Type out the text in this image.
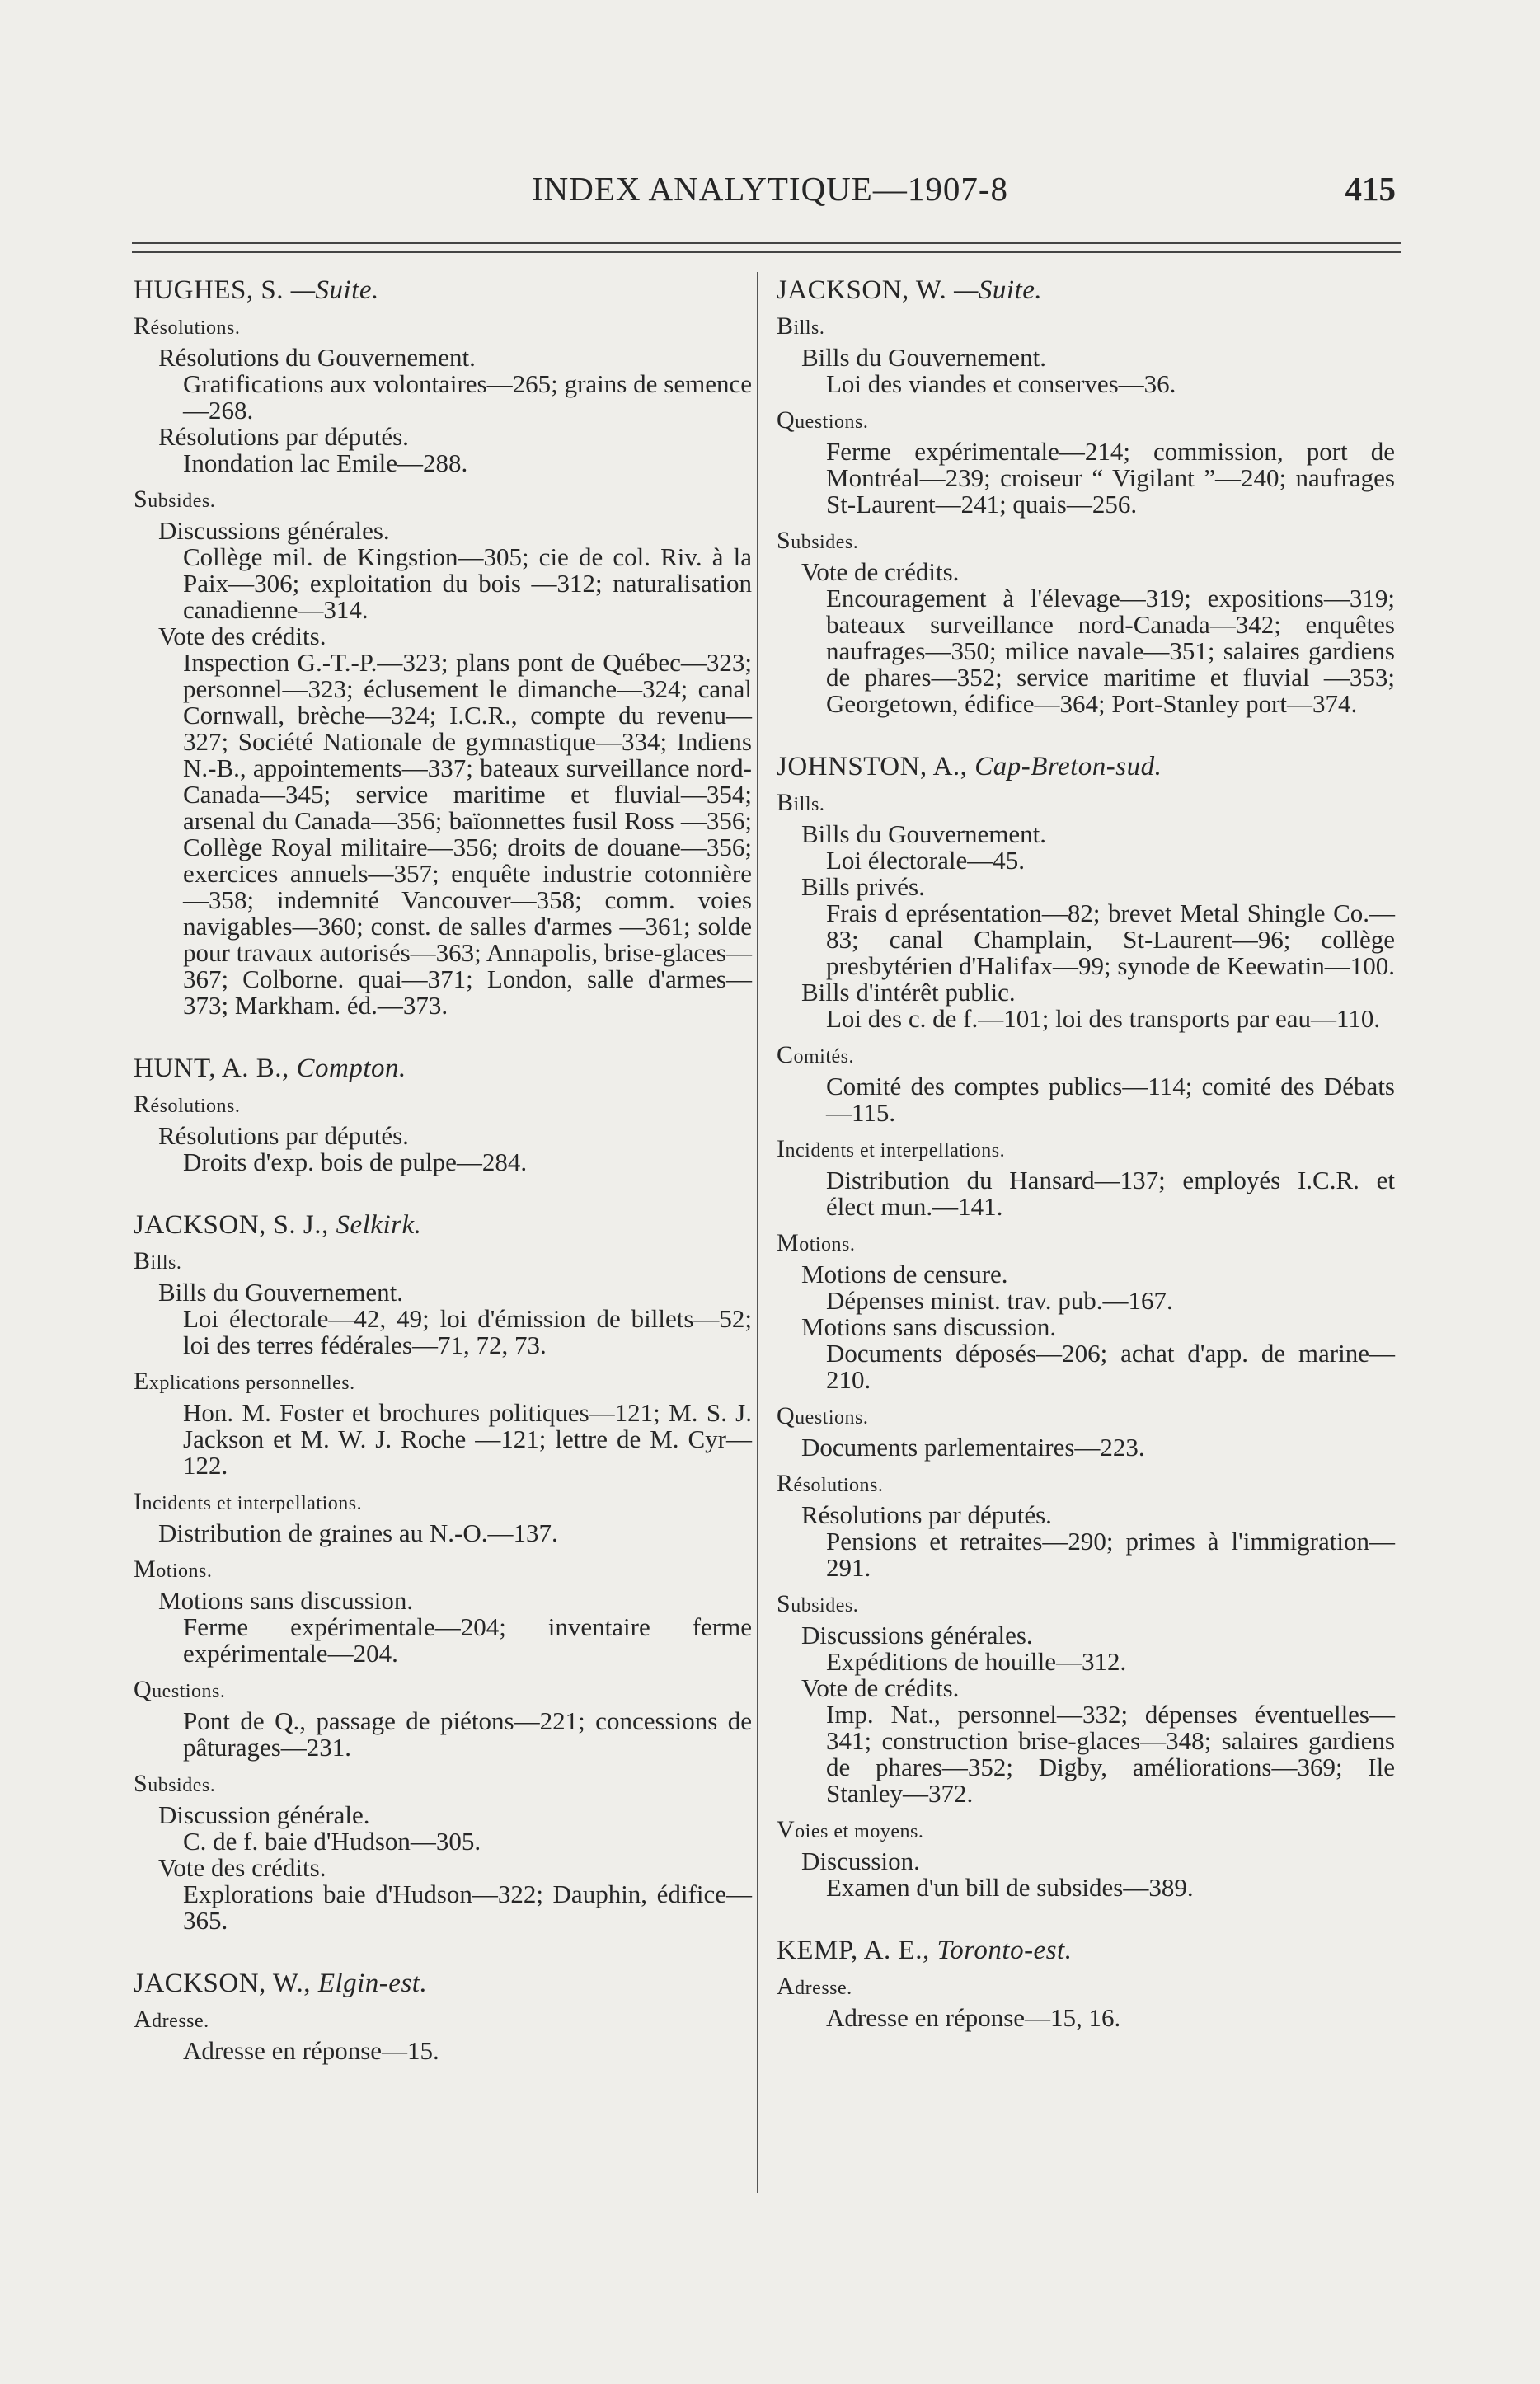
INDEX ANALYTIQUE—1907-8	415
HUGHES, S. —Suite.
Résolutions.
Résolutions du Gouvernement.
Gratifications aux volontaires—265; grains de semence—268.
Résolutions par députés.
Inondation lac Emile—288.
Subsides.
Discussions générales.
Collège mil. de Kingstion—305; cie de col. Riv. à la Paix—306; exploitation du bois —312; naturalisation canadienne—314.
Vote des crédits.
Inspection G.-T.-P.—323; plans pont de Québec—323; personnel—323; éclusement le dimanche—324; canal Cornwall, brèche—324; I.C.R., compte du revenu—327; Société Nationale de gymnastique—334; Indiens N.-B., appointements—337; bateaux surveillance nord-Canada—345; service maritime et fluvial—354; arsenal du Canada—356; baïonnettes fusil Ross —356; Collège Royal militaire—356; droits de douane—356; exercices annuels—357; enquête industrie cotonnière—358; indemnité Vancouver—358; comm. voies navigables—360; const. de salles d'armes —361; solde pour travaux autorisés—363; Annapolis, brise-glaces—367; Colborne. quai—371; London, salle d'armes—373; Markham. éd.—373.
HUNT, A. B., Compton.
Résolutions.
Résolutions par députés.
Droits d'exp. bois de pulpe—284.
JACKSON, S. J., Selkirk.
Bills.
Bills du Gouvernement.
Loi électorale—42, 49; loi d'émission de billets—52; loi des terres fédérales—71, 72, 73.
Explications personnelles.
Hon. M. Foster et brochures politiques—121; M. S. J. Jackson et M. W. J. Roche —121; lettre de M. Cyr—122.
Incidents et interpellations.
Distribution de graines au N.-O.—137.
Motions.
Motions sans discussion.
Ferme expérimentale—204; inventaire ferme expérimentale—204.
Questions.
Pont de Q., passage de piétons—221; concessions de pâturages—231.
Subsides.
Discussion générale.
C. de f. baie d'Hudson—305.
Vote des crédits.
Explorations baie d'Hudson—322; Dauphin, édifice—365.
JACKSON, W., Elgin-est.
Adresse.
Adresse en réponse—15.
JACKSON, W. —Suite.
Bills.
Bills du Gouvernement.
Loi des viandes et conserves—36.
Questions.
Ferme expérimentale—214; commission, port de Montréal—239; croiseur “ Vigilant ”—240; naufrages St-Laurent—241; quais—256.
Subsides.
Vote de crédits.
Encouragement à l'élevage—319; expositions—319; bateaux surveillance nord-Canada—342; enquêtes naufrages—350; milice navale—351; salaires gardiens de phares—352; service maritime et fluvial —353; Georgetown, édifice—364; Port-Stanley port—374.
JOHNSTON, A., Cap-Breton-sud.
Bills.
Bills du Gouvernement.
Loi électorale—45.
Bills privés.
Frais d eprésentation—82; brevet Metal Shingle Co.—83; canal Champlain, St-Laurent—96; collège presbytérien d'Halifax—99; synode de Keewatin—100.
Bills d'intérêt public.
Loi des c. de f.—101; loi des transports par eau—110.
Comités.
Comité des comptes publics—114; comité des Débats—115.
Incidents et interpellations.
Distribution du Hansard—137; employés I.C.R. et élect mun.—141.
Motions.
Motions de censure.
Dépenses minist. trav. pub.—167.
Motions sans discussion.
Documents déposés—206; achat d'app. de marine—210.
Questions.
Documents parlementaires—223.
Résolutions.
Résolutions par députés.
Pensions et retraites—290; primes à l'immigration—291.
Subsides.
Discussions générales.
Expéditions de houille—312.
Vote de crédits.
Imp. Nat., personnel—332; dépenses éventuelles—341; construction brise-glaces—348; salaires gardiens de phares—352; Digby, améliorations—369; Ile Stanley—372.
Voies et moyens.
Discussion.
Examen d'un bill de subsides—389.
KEMP, A. E., Toronto-est.
Adresse.
Adresse en réponse—15, 16.
